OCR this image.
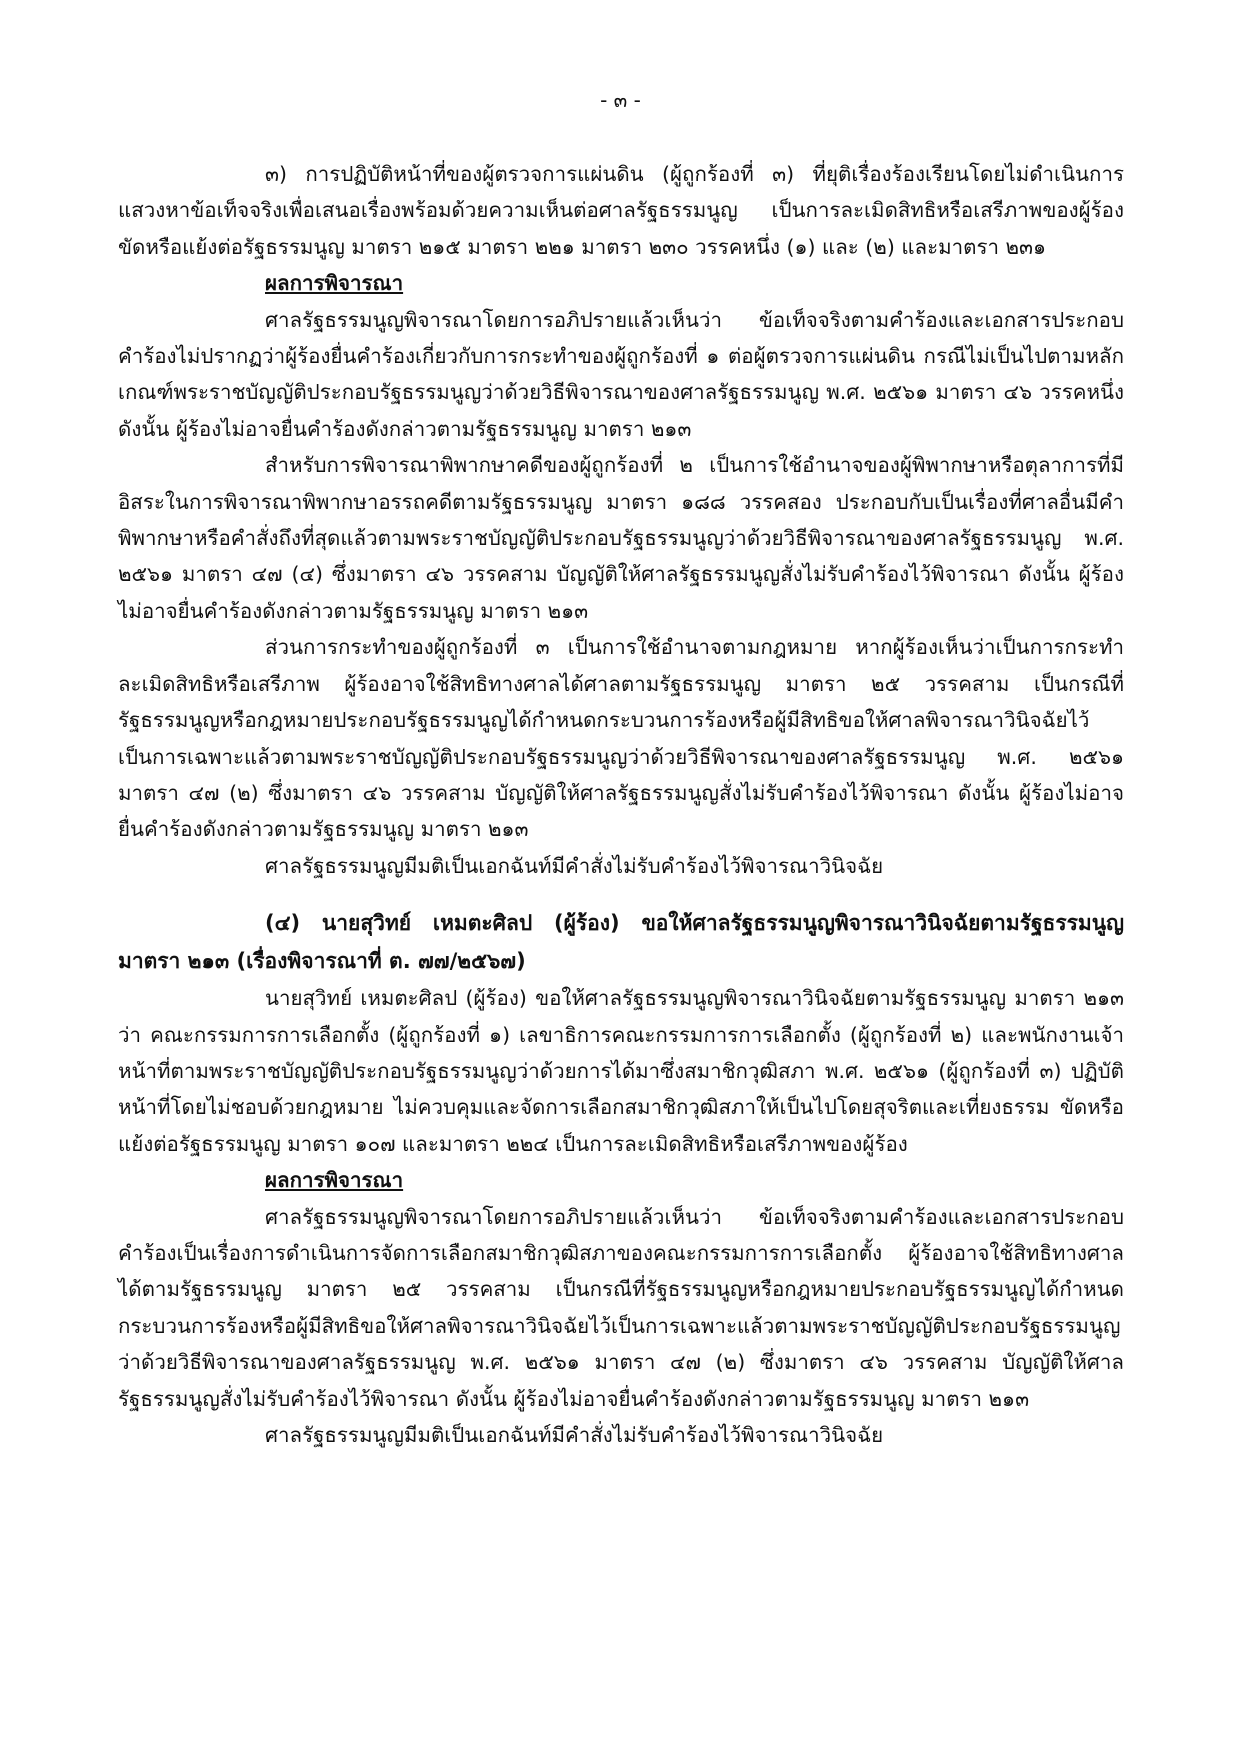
- ๓ -

๓) การปฏิบัติหน้าที่ของผู้ตรวจการแผ่นดิน (ผู้ถูกร้องที่ ๓) ที่ยุติเรื่องร้องเรียนโดยไม่ดำเนินการแสวงหาข้อเท็จจริงเพื่อเสนอเรื่องพร้อมด้วยความเห็นต่อศาลรัฐธรรมนูญ เป็นการละเมิดสิทธิหรือเสรีภาพของผู้ร้องขัดหรือแย้งต่อรัฐธรรมนูญ มาตรา ๒๑๕ มาตรา ๒๒๑ มาตรา ๒๓๐ วรรคหนึ่ง (๑) และ (๒) และมาตรา ๒๓๑

ผลการพิจารณา

ศาลรัฐธรรมนูญพิจารณาโดยการอภิปรายแล้วเห็นว่า ข้อเท็จจริงตามคำร้องและเอกสารประกอบคำร้องไม่ปรากฏว่าผู้ร้องยื่นคำร้องเกี่ยวกับการกระทำของผู้ถูกร้องที่ ๑ ต่อผู้ตรวจการแผ่นดิน กรณีไม่เป็นไปตามหลักเกณฑ์พระราชบัญญัติประกอบรัฐธรรมนูญว่าด้วยวิธีพิจารณาของศาลรัฐธรรมนูญ พ.ศ. ๒๕๖๑ มาตรา ๔๖ วรรคหนึ่ง ดังนั้น ผู้ร้องไม่อาจยื่นคำร้องดังกล่าวตามรัฐธรรมนูญ มาตรา ๒๑๓

สำหรับการพิจารณาพิพากษาคดีของผู้ถูกร้องที่ ๒ เป็นการใช้อำนาจของผู้พิพากษาหรือตุลาการที่มีอิสระในการพิจารณาพิพากษาอรรถคดีตามรัฐธรรมนูญ มาตรา ๑๘๘ วรรคสอง ประกอบกับเป็นเรื่องที่ศาลอื่นมีคำพิพากษาหรือคำสั่งถึงที่สุดแล้วตามพระราชบัญญัติประกอบรัฐธรรมนูญว่าด้วยวิธีพิจารณาของศาลรัฐธรรมนูญ พ.ศ. ๒๕๖๑ มาตรา ๔๗ (๔) ซึ่งมาตรา ๔๖ วรรคสาม บัญญัติให้ศาลรัฐธรรมนูญสั่งไม่รับคำร้องไว้พิจารณา ดังนั้น ผู้ร้องไม่อาจยื่นคำร้องดังกล่าวตามรัฐธรรมนูญ มาตรา ๒๑๓

ส่วนการกระทำของผู้ถูกร้องที่ ๓ เป็นการใช้อำนาจตามกฎหมาย หากผู้ร้องเห็นว่าเป็นการกระทำละเมิดสิทธิหรือเสรีภาพ ผู้ร้องอาจใช้สิทธิทางศาลได้ศาลตามรัฐธรรมนูญ มาตรา ๒๕ วรรคสาม เป็นกรณีที่รัฐธรรมนูญหรือกฎหมายประกอบรัฐธรรมนูญได้กำหนดกระบวนการร้องหรือผู้มีสิทธิขอให้ศาลพิจารณาวินิจฉัยไว้เป็นการเฉพาะแล้วตามพระราชบัญญัติประกอบรัฐธรรมนูญว่าด้วยวิธีพิจารณาของศาลรัฐธรรมนูญ พ.ศ. ๒๕๖๑ มาตรา ๔๗ (๒) ซึ่งมาตรา ๔๖ วรรคสาม บัญญัติให้ศาลรัฐธรรมนูญสั่งไม่รับคำร้องไว้พิจารณา ดังนั้น ผู้ร้องไม่อาจยื่นคำร้องดังกล่าวตามรัฐธรรมนูญ มาตรา ๒๑๓

ศาลรัฐธรรมนูญมีมติเป็นเอกฉันท์มีคำสั่งไม่รับคำร้องไว้พิจารณาวินิจฉัย

(๔) นายสุวิทย์ เหมตะศิลป (ผู้ร้อง) ขอให้ศาลรัฐธรรมนูญพิจารณาวินิจฉัยตามรัฐธรรมนูญ มาตรา ๒๑๓ (เรื่องพิจารณาที่ ต. ๗๗/๒๕๖๗)

นายสุวิทย์ เหมตะศิลป (ผู้ร้อง) ขอให้ศาลรัฐธรรมนูญพิจารณาวินิจฉัยตามรัฐธรรมนูญ มาตรา ๒๑๓ ว่า คณะกรรมการการเลือกตั้ง (ผู้ถูกร้องที่ ๑) เลขาธิการคณะกรรมการการเลือกตั้ง (ผู้ถูกร้องที่ ๒) และพนักงานเจ้าหน้าที่ตามพระราชบัญญัติประกอบรัฐธรรมนูญว่าด้วยการได้มาซึ่งสมาชิกวุฒิสภา พ.ศ. ๒๕๖๑ (ผู้ถูกร้องที่ ๓) ปฏิบัติหน้าที่โดยไม่ชอบด้วยกฎหมาย ไม่ควบคุมและจัดการเลือกสมาชิกวุฒิสภาให้เป็นไปโดยสุจริตและเที่ยงธรรม ขัดหรือแย้งต่อรัฐธรรมนูญ มาตรา ๑๐๗ และมาตรา ๒๒๔ เป็นการละเมิดสิทธิหรือเสรีภาพของผู้ร้อง

ผลการพิจารณา

ศาลรัฐธรรมนูญพิจารณาโดยการอภิปรายแล้วเห็นว่า ข้อเท็จจริงตามคำร้องและเอกสารประกอบคำร้องเป็นเรื่องการดำเนินการจัดการเลือกสมาชิกวุฒิสภาของคณะกรรมการการเลือกตั้ง ผู้ร้องอาจใช้สิทธิทางศาลได้ตามรัฐธรรมนูญ มาตรา ๒๕ วรรคสาม เป็นกรณีที่รัฐธรรมนูญหรือกฎหมายประกอบรัฐธรรมนูญได้กำหนดกระบวนการร้องหรือผู้มีสิทธิขอให้ศาลพิจารณาวินิจฉัยไว้เป็นการเฉพาะแล้วตามพระราชบัญญัติประกอบรัฐธรรมนูญว่าด้วยวิธีพิจารณาของศาลรัฐธรรมนูญ พ.ศ. ๒๕๖๑ มาตรา ๔๗ (๒) ซึ่งมาตรา ๔๖ วรรคสาม บัญญัติให้ศาลรัฐธรรมนูญสั่งไม่รับคำร้องไว้พิจารณา ดังนั้น ผู้ร้องไม่อาจยื่นคำร้องดังกล่าวตามรัฐธรรมนูญ มาตรา ๒๑๓

ศาลรัฐธรรมนูญมีมติเป็นเอกฉันท์มีคำสั่งไม่รับคำร้องไว้พิจารณาวินิจฉัย
